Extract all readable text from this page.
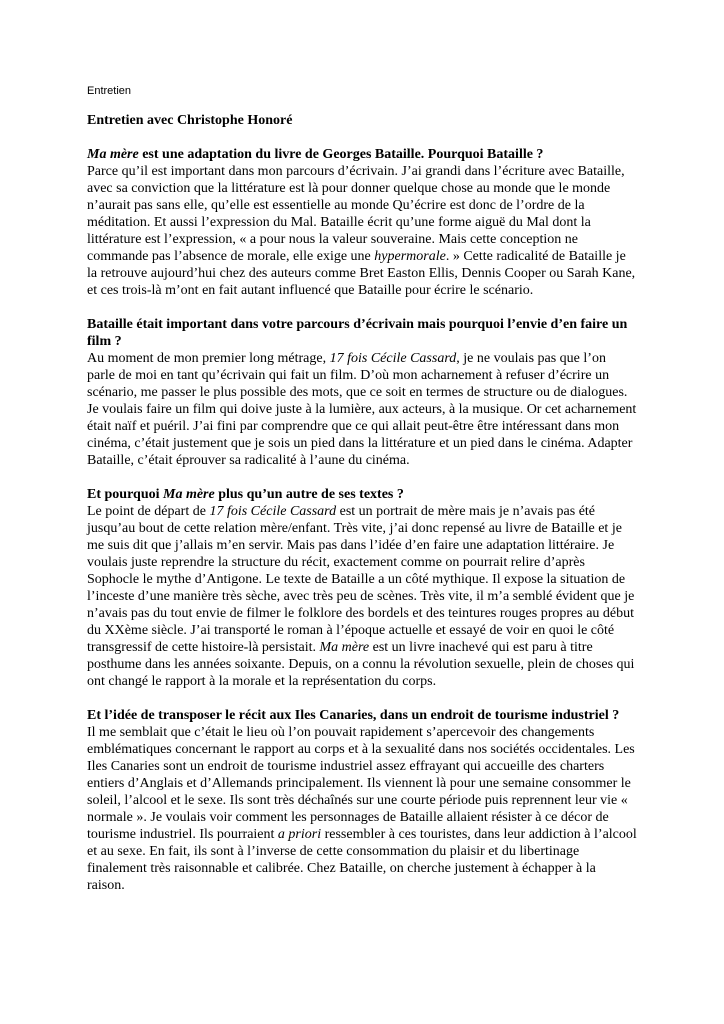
Entretien

Entretien avec Christophe Honoré

Ma mère est une adaptation du livre de Georges Bataille. Pourquoi Bataille ?

Parce qu’il est important dans mon parcours d’écrivain. J’ai grandi dans l’écriture avec Bataille, avec sa conviction que la littérature est là pour donner quelque chose au monde que le monde n’aurait pas sans elle, qu’elle est essentielle au monde Qu’écrire est donc de l’ordre de la méditation. Et aussi l’expression du Mal. Bataille écrit qu’une forme aiguë du Mal dont la littérature est l’expression, « a pour nous la valeur souveraine. Mais cette conception ne commande pas l’absence de morale, elle exige une hypermorale. » Cette radicalité de Bataille je la retrouve aujourd’hui chez des auteurs comme Bret Easton Ellis, Dennis Cooper ou Sarah Kane, et ces trois-là m’ont en fait autant influencé que Bataille pour écrire le scénario.

Bataille était important dans votre parcours d’écrivain mais pourquoi l’envie d’en faire un film ?

Au moment de mon premier long métrage, 17 fois Cécile Cassard, je ne voulais pas que l’on parle de moi en tant qu’écrivain qui fait un film. D’où mon acharnement à refuser d’écrire un scénario, me passer le plus possible des mots, que ce soit en termes de structure ou de dialogues. Je voulais faire un film qui doive juste à la lumière, aux acteurs, à la musique. Or cet acharnement était naïf et puéril. J’ai fini par comprendre que ce qui allait peut-être être intéressant dans mon cinéma, c’était justement que je sois un pied dans la littérature et un pied dans le cinéma. Adapter Bataille, c’était éprouver sa radicalité à l’aune du cinéma.

Et pourquoi Ma mère plus qu’un autre de ses textes ?

Le point de départ de 17 fois Cécile Cassard est un portrait de mère mais je n’avais pas été jusqu’au bout de cette relation mère/enfant. Très vite, j’ai donc repensé au livre de Bataille et je me suis dit que j’allais m’en servir. Mais pas dans l’idée d’en faire une adaptation littéraire. Je voulais juste reprendre la structure du récit, exactement comme on pourrait relire d’après Sophocle le mythe d’Antigone. Le texte de Bataille a un côté mythique. Il expose la situation de l’inceste d’une manière très sèche, avec très peu de scènes. Très vite, il m’a semblé évident que je n’avais pas du tout envie de filmer le folklore des bordels et des teintures rouges propres au début du XXème siècle. J’ai transporté le roman à l’époque actuelle et essayé de voir en quoi le côté transgressif de cette histoire-là persistait. Ma mère est un livre inachevé qui est paru à titre posthume dans les années soixante. Depuis, on a connu la révolution sexuelle, plein de choses qui ont changé le rapport à la morale et la représentation du corps.

Et l’idée de transposer le récit aux Iles Canaries, dans un endroit de tourisme industriel ?

Il me semblait que c’était le lieu où l’on pouvait rapidement s’apercevoir des changements emblématiques concernant le rapport au corps et à la sexualité dans nos sociétés occidentales. Les Iles Canaries sont un endroit de tourisme industriel assez effrayant qui accueille des charters entiers d’Anglais et d’Allemands principalement. Ils viennent là pour une semaine consommer le soleil, l’alcool et le sexe. Ils sont très déchaînés sur une courte période puis reprennent leur vie « normale ». Je voulais voir comment les personnages de Bataille allaient résister à ce décor de tourisme industriel. Ils pourraient a priori ressembler à ces touristes, dans leur addiction à l’alcool et au sexe. En fait, ils sont à l’inverse de cette consommation du plaisir et du libertinage finalement très raisonnable et calibrée. Chez Bataille, on cherche justement à échapper à la raison.
